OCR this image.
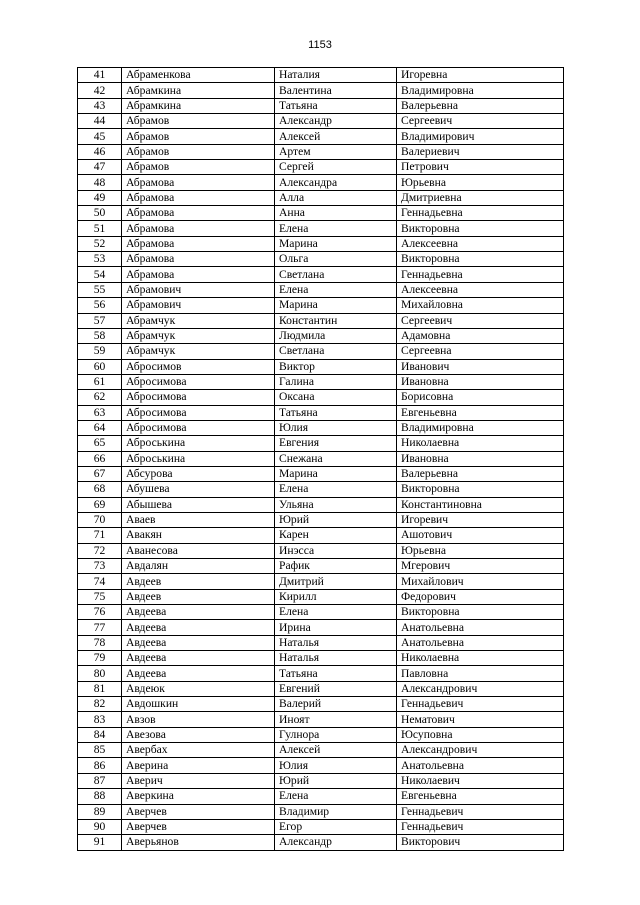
1153
41	Абраменкова	Наталия	Игоревна
42	Абрамкина	Валентина	Владимировна
43	Абрамкина	Татьяна	Валерьевна
44	Абрамов	Александр	Сергеевич
45	Абрамов	Алексей	Владимирович
46	Абрамов	Артем	Валериевич
47	Абрамов	Сергей	Петрович
48	Абрамова	Александра	Юрьевна
49	Абрамова	Алла	Дмитриевна
50	Абрамова	Анна	Геннадьевна
51	Абрамова	Елена	Викторовна
52	Абрамова	Марина	Алексеевна
53	Абрамова	Ольга	Викторовна
54	Абрамова	Светлана	Геннадьевна
55	Абрамович	Елена	Алексеевна
56	Абрамович	Марина	Михайловна
57	Абрамчук	Константин	Сергеевич
58	Абрамчук	Людмила	Адамовна
59	Абрамчук	Светлана	Сергеевна
60	Абросимов	Виктор	Иванович
61	Абросимова	Галина	Ивановна
62	Абросимова	Оксана	Борисовна
63	Абросимова	Татьяна	Евгеньевна
64	Абросимова	Юлия	Владимировна
65	Аброськина	Евгения	Николаевна
66	Аброськина	Снежана	Ивановна
67	Абсурова	Марина	Валерьевна
68	Абушева	Елена	Викторовна
69	Абышева	Ульяна	Константиновна
70	Аваев	Юрий	Игоревич
71	Авакян	Карен	Ашотович
72	Аванесова	Инэсса	Юрьевна
73	Авдалян	Рафик	Мгерович
74	Авдеев	Дмитрий	Михайлович
75	Авдеев	Кирилл	Федорович
76	Авдеева	Елена	Викторовна
77	Авдеева	Ирина	Анатольевна
78	Авдеева	Наталья	Анатольевна
79	Авдеева	Наталья	Николаевна
80	Авдеева	Татьяна	Павловна
81	Авдеюк	Евгений	Александрович
82	Авдошкин	Валерий	Геннадьевич
83	Авзов	Иноят	Нематович
84	Авезова	Гулнора	Юсуповна
85	Авербах	Алексей	Александрович
86	Аверина	Юлия	Анатольевна
87	Аверич	Юрий	Николаевич
88	Аверкина	Елена	Евгеньевна
89	Аверчев	Владимир	Геннадьевич
90	Аверчев	Егор	Геннадьевич
91	Аверьянов	Александр	Викторович
